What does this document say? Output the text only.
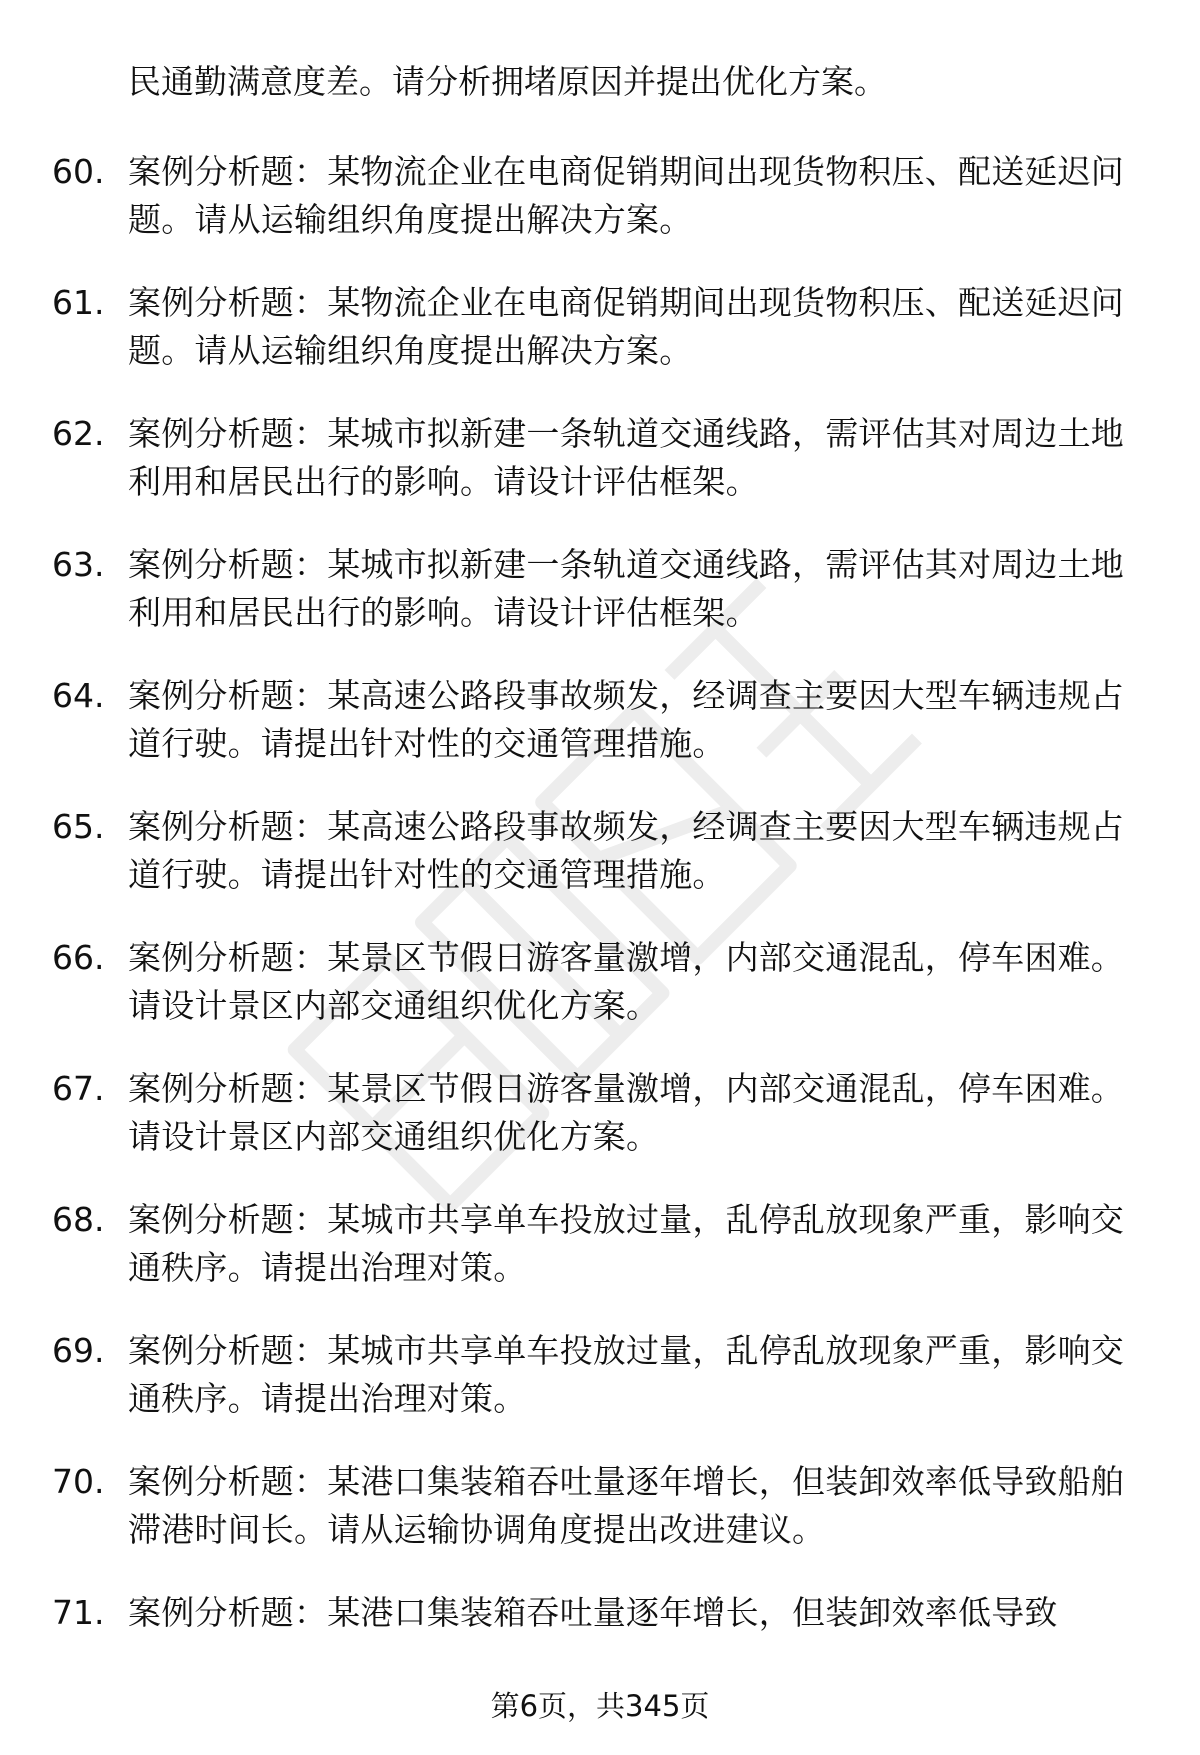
民通勤满意度差。请分析拥堵原因并提出优化方案。
60. 案例分析题：某物流企业在电商促销期间出现货物积压、配送延迟问题。请从运输组织角度提出解决方案。
61. 案例分析题：某物流企业在电商促销期间出现货物积压、配送延迟问题。请从运输组织角度提出解决方案。
62. 案例分析题：某城市拟新建一条轨道交通线路，需评估其对周边土地利用和居民出行的影响。请设计评估框架。
63. 案例分析题：某城市拟新建一条轨道交通线路，需评估其对周边土地利用和居民出行的影响。请设计评估框架。
64. 案例分析题：某高速公路段事故频发，经调查主要因大型车辆违规占道行驶。请提出针对性的交通管理措施。
65. 案例分析题：某高速公路段事故频发，经调查主要因大型车辆违规占道行驶。请提出针对性的交通管理措施。
66. 案例分析题：某景区节假日游客量激增，内部交通混乱，停车困难。请设计景区内部交通组织优化方案。
67. 案例分析题：某景区节假日游客量激增，内部交通混乱，停车困难。请设计景区内部交通组织优化方案。
68. 案例分析题：某城市共享单车投放过量，乱停乱放现象严重，影响交通秩序。请提出治理对策。
69. 案例分析题：某城市共享单车投放过量，乱停乱放现象严重，影响交通秩序。请提出治理对策。
70. 案例分析题：某港口集装箱吞吐量逐年增长，但装卸效率低导致船舶滞港时间长。请从运输协调角度提出改进建议。
71. 案例分析题：某港口集装箱吞吐量逐年增长，但装卸效率低导致
第6页，共345页
